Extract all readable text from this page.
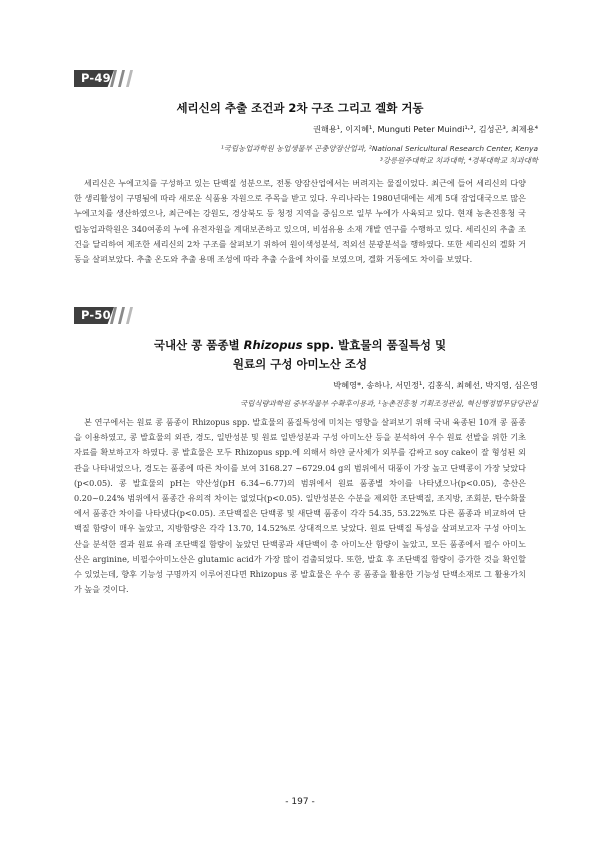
P-49
세리신의 추출 조건과 2차 구조 그리고 겔화 거동
권해용¹, 이지혜¹, Munguti Peter Muindi¹˒², 김성곤³, 최제용⁴
¹국립농업과학원 농업생물부 곤충양잠산업과, ²National Sericultural Research Center, Kenya
³강릉원주대학교 치과대학, ⁴경북대학교 치과대학

세리신은 누에고치를 구성하고 있는 단백질 성분으로, 전통 양잠산업에서는 버려지는 물질이었다. 최근에 들어 세리신의 다양한 생리활성이 구명됨에 따라 새로운 식품용 자원으로 주목을 받고 있다. 우리나라는 1980년대에는 세계 5대 잠업대국으로 많은 누에고치를 생산하였으나, 최근에는 강원도, 경상북도 등 청정 지역을 중심으로 일부 누에가 사육되고 있다. 현재 농촌진흥청 국립농업과학원은 340여종의 누에 유전자원을 계대보존하고 있으며, 비섬유용 소재 개발 연구를 수행하고 있다. 세리신의 추출 조건을 달리하여 제조한 세리신의 2차 구조를 살펴보기 위하여 원이색성분석, 적외선 분광분석을 행하였다. 또한 세리신의 겔화 거동을 살펴보았다. 추출 온도와 추출 용매 조성에 따라 추출 수율에 차이를 보였으며, 겔화 거동에도 차이를 보였다.

P-50
국내산 콩 품종별 Rhizopus spp. 발효물의 품질특성 및
원료의 구성 아미노산 조성
박혜영*, 송하나, 서민정¹, 김홍식, 최혜선, 박지영, 심은영
국립식량과학원 중부작물부 수확후이용과, ¹농촌진흥청 기획조정관실, 혁신행정법무담당관실

본 연구에서는 원료 콩 품종이 Rhizopus spp. 발효물의 품질특성에 미치는 영향을 살펴보기 위해 국내 육종된 10개 콩 품종을 이용하였고, 콩 발효물의 외관, 경도, 일반성분 및 원료 일반성분과 구성 아미노산 등을 분석하여 우수 원료 선발을 위한 기초자료를 확보하고자 하였다. 콩 발효물은 모두 Rhizopus spp.에 의해서 하얀 균사체가 외부를 감싸고 soy cake이 잘 형성된 외관을 나타내었으나, 경도는 품종에 따른 차이를 보여 3168.27 ~6729.04 g의 범위에서 대풍이 가장 높고 단백콩이 가장 낮았다(p<0.05). 콩 발효물의 pH는 약산성(pH 6.34~6.77)의 범위에서 원료 품종별 차이를 나타냈으나(p<0.05), 총산은 0.20~0.24% 범위에서 품종간 유의적 차이는 없었다(p<0.05). 일반성분은 수분을 제외한 조단백질, 조지방, 조회분, 탄수화물에서 품종간 차이를 나타냈다(p<0.05). 조단백질은 단백콩 및 새단백 품종이 각각 54.35, 53.22%로 다른 품종과 비교하여 단백질 함량이 매우 높았고, 지방함량은 각각 13.70, 14.52%로 상대적으로 낮았다. 원료 단백질 특성을 살펴보고자 구성 아미노산을 분석한 결과 원료 유래 조단백질 함량이 높았던 단백콩과 새단백이 총 아미노산 함량이 높았고, 모든 품종에서 필수 아미노산은 arginine, 비필수아미노산은 glutamic acid가 가장 많이 검출되었다. 또한, 발효 후 조단백질 함량이 증가한 것을 확인할 수 있었는데, 향후 기능성 구명까지 이루어진다면 Rhizopus 콩 발효물은 우수 콩 품종을 활용한 기능성 단백소재로 그 활용가치가 높을 것이다.

- 197 -
